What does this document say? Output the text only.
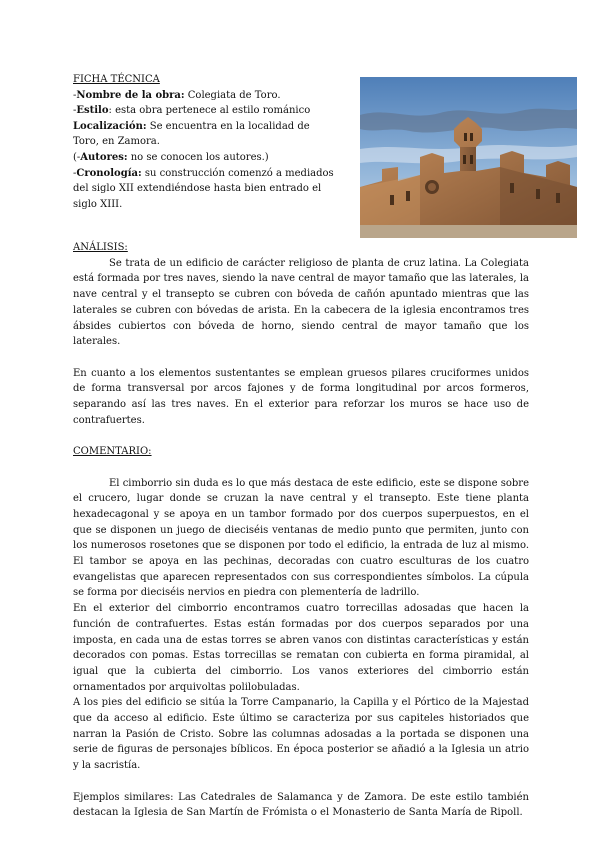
FICHA TÉCNICA

-Nombre de la obra: Colegiata de Toro.

-Estilo: esta obra pertenece al estilo románico

Localización: Se encuentra en la localidad de Toro, en Zamora.

(-Autores: no se conocen los autores.)

-Cronología: su construcción comenzó a mediados del siglo XII extendiéndose hasta bien entrado el siglo XIII.

ANÁLISIS:

Se trata de un edificio de carácter religioso de planta de cruz latina. La Colegiata está formada por tres naves, siendo la nave central de mayor tamaño que las laterales, la nave central y el transepto se cubren con bóveda de cañón apuntado mientras que las laterales se cubren con bóvedas de arista. En la cabecera de la iglesia encontramos tres ábsides cubiertos con bóveda de horno, siendo central de mayor tamaño que los laterales.

En cuanto a los elementos sustentantes se emplean gruesos pilares cruciformes unidos de forma transversal por arcos fajones y de forma longitudinal por arcos formeros, separando así las tres naves. En el exterior para reforzar los muros se hace uso de contrafuertes.

COMENTARIO:

El cimborrio sin duda es lo que más destaca de este edificio, este se dispone sobre el crucero, lugar donde se cruzan la nave central y el transepto. Este tiene planta hexadecagonal y se apoya en un tambor formado por dos cuerpos superpuestos, en el que se disponen un juego de dieciséis ventanas de medio punto que permiten, junto con los numerosos rosetones que se disponen por todo el edificio, la entrada de luz al mismo. El tambor se apoya en las pechinas, decoradas con cuatro esculturas de los cuatro evangelistas que aparecen representados con sus correspondientes símbolos. La cúpula se forma por dieciséis nervios en piedra con plementería de ladrillo.

En el exterior del cimborrio encontramos cuatro torrecillas adosadas que hacen la función de contrafuertes. Estas están formadas por dos cuerpos separados por una imposta, en cada una de estas torres se abren vanos con distintas características y están decorados con pomas. Estas torrecillas se rematan con cubierta en forma piramidal, al igual que la cubierta del cimborrio. Los vanos exteriores del cimborrio están ornamentados por arquivoltas polilobuladas.

A los pies del edificio se sitúa la Torre Campanario, la Capilla y el Pórtico de la Majestad que da acceso al edificio. Este último se caracteriza por sus capiteles historiados que narran la Pasión de Cristo. Sobre las columnas adosadas a la portada se disponen una serie de figuras de personajes bíblicos. En época posterior se añadió a la Iglesia un atrio y la sacristía.

Ejemplos similares: Las Catedrales de Salamanca y de Zamora. De este estilo también destacan la Iglesia de San Martín de Frómista o el Monasterio de Santa María de Ripoll.
